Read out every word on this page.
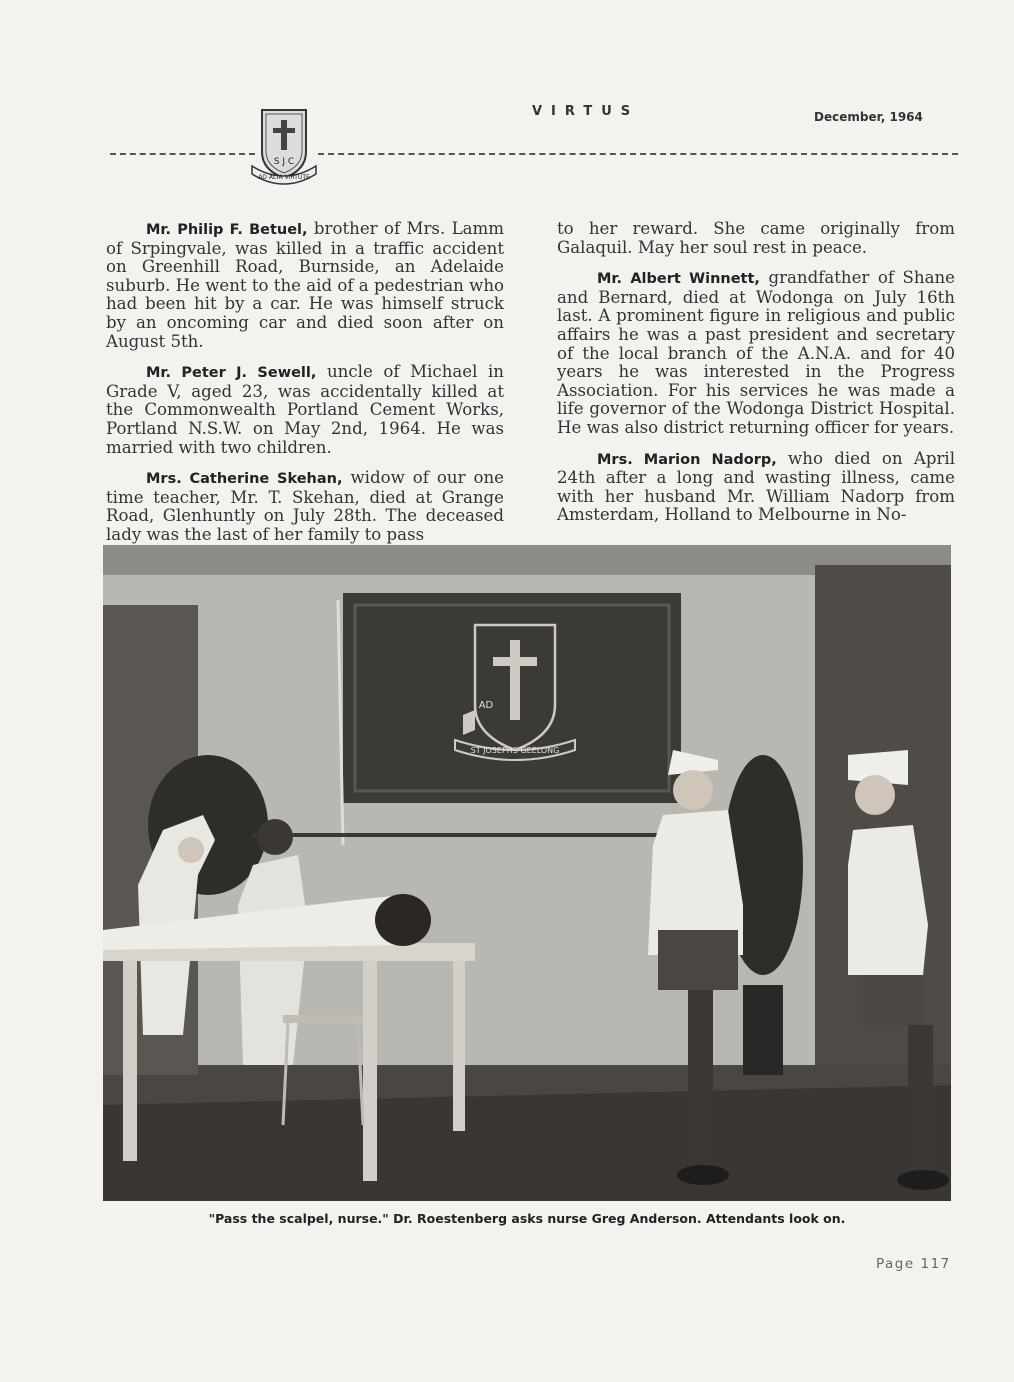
VIRTUS	December, 1964
S J C
AD ALTA VIRTUTE

Mr. Philip F. Betuel, brother of Mrs. Lamm of Srpingvale, was killed in a traffic accident on Greenhill Road, Burnside, an Adelaide suburb. He went to the aid of a pedestrian who had been hit by a car. He was himself struck by an oncoming car and died soon after on August 5th.

Mr. Peter J. Sewell, uncle of Michael in Grade V, aged 23, was accidentally killed at the Commonwealth Portland Cement Works, Portland N.S.W. on May 2nd, 1964. He was married with two children.

Mrs. Catherine Skehan, widow of our one time teacher, Mr. T. Skehan, died at Grange Road, Glenhuntly on July 28th. The deceased lady was the last of her family to pass

to her reward. She came originally from Galaquil. May her soul rest in peace.

Mr. Albert Winnett, grandfather of Shane and Bernard, died at Wodonga on July 16th last. A prominent figure in religious and public affairs he was a past president and secretary of the local branch of the A.N.A. and for 40 years he was interested in the Progress Association. For his services he was made a life governor of the Wodonga District Hospital. He was also district returning officer for years.

Mrs. Marion Nadorp, who died on April 24th after a long and wasting illness, came with her husband Mr. William Nadorp from Amsterdam, Holland to Melbourne in No-

ST JOSEPHS GEELONG
AD
"Pass the scalpel, nurse." Dr. Roestenberg asks nurse Greg Anderson. Attendants look on.
Page 117
